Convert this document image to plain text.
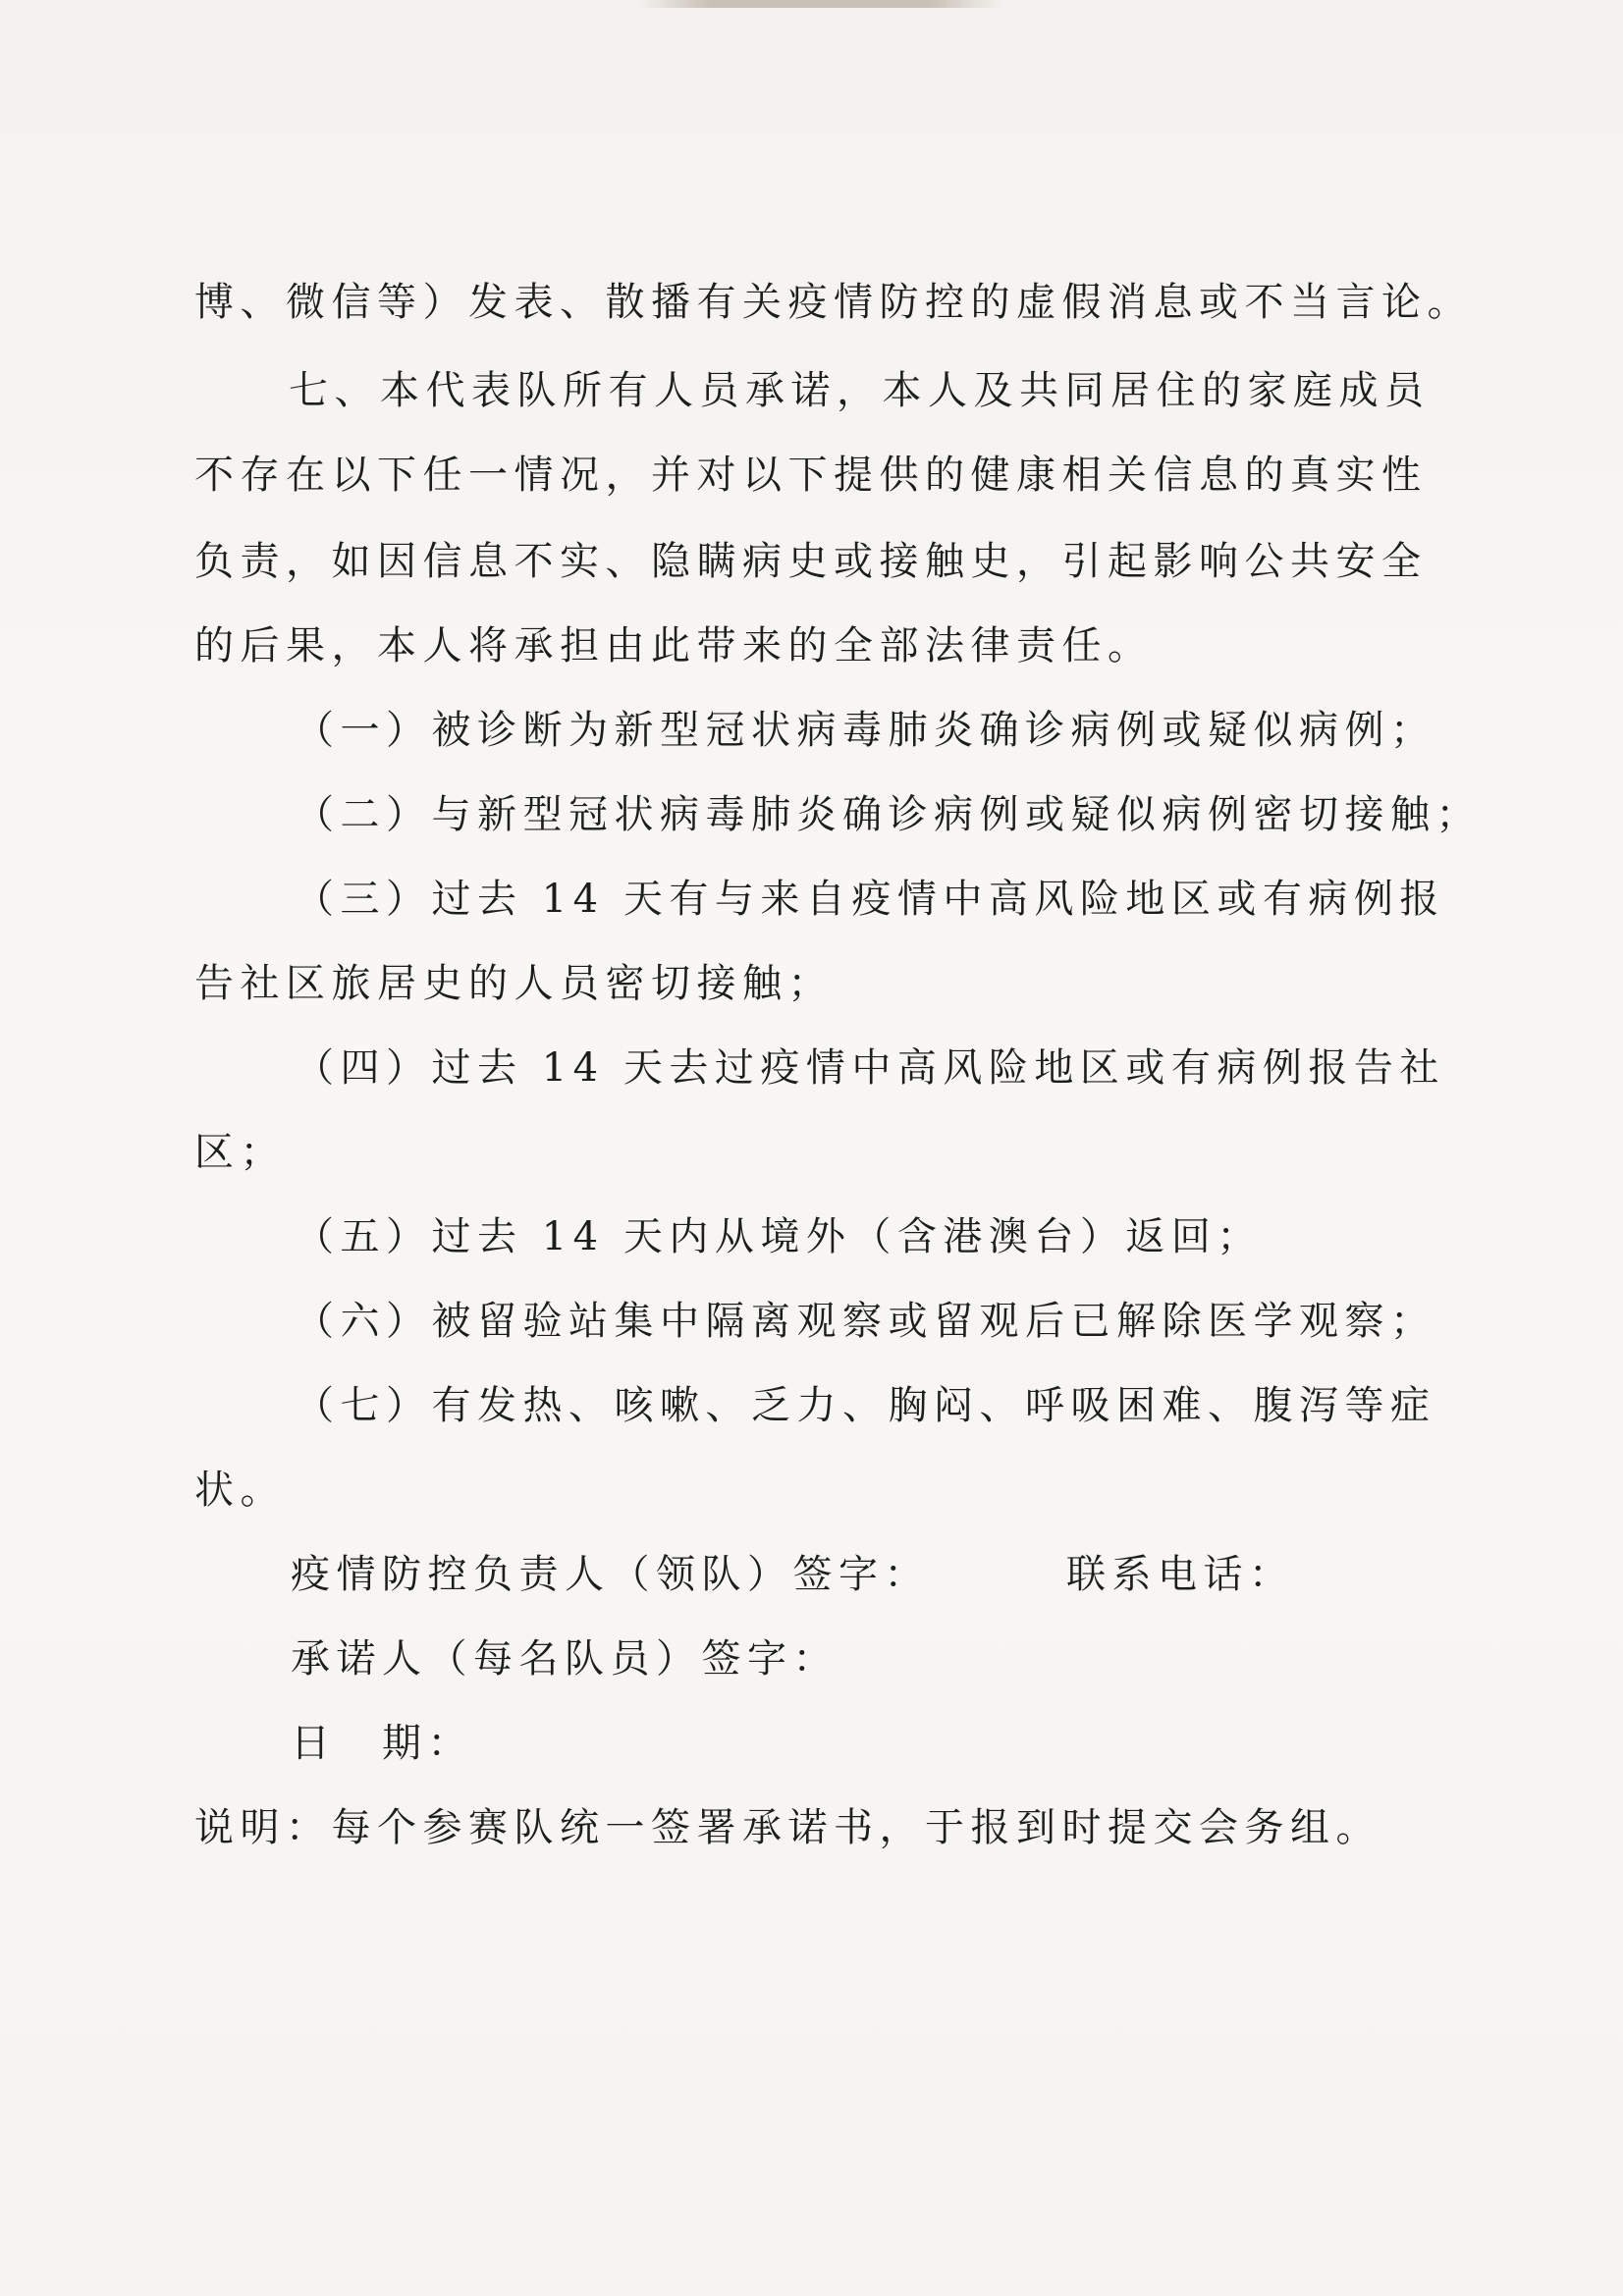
博、微信等）发表、散播有关疫情防控的虚假消息或不当言论。
七、本代表队所有人员承诺，本人及共同居住的家庭成员
不存在以下任一情况，并对以下提供的健康相关信息的真实性
负责，如因信息不实、隐瞒病史或接触史，引起影响公共安全
的后果，本人将承担由此带来的全部法律责任。
（一）被诊断为新型冠状病毒肺炎确诊病例或疑似病例；
（二）与新型冠状病毒肺炎确诊病例或疑似病例密切接触；
（三）过去 14 天有与来自疫情中高风险地区或有病例报
告社区旅居史的人员密切接触；
（四）过去 14 天去过疫情中高风险地区或有病例报告社
区；
（五）过去 14 天内从境外（含港澳台）返回；
（六）被留验站集中隔离观察或留观后已解除医学观察；
（七）有发热、咳嗽、乏力、胸闷、呼吸困难、腹泻等症
状。
疫情防控负责人（领队）签字：	联系电话：
承诺人（每名队员）签字：
日　期：
说明：每个参赛队统一签署承诺书，于报到时提交会务组。
